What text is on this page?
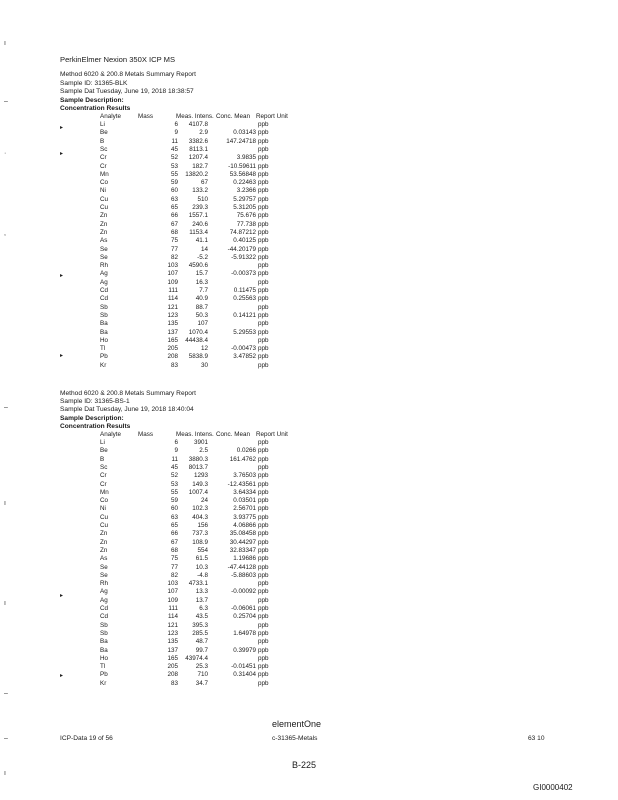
PerkinElmer Nexion 350X ICP MS
Method 6020 & 200.8 Metals Summary Report
Sample ID: 31365-BLK
Sample Dat Tuesday, June 19, 2018 18:38:57
Sample Description:
Concentration Results
Analyte	Mass	Meas. Intens. Conc. Mean Report Unit
Li	6	4107.8	ppb
Be	9	2.9	0.03143 ppb
B	11	3382.6	147.24718 ppb
Sc	45	8113.1	ppb
Cr	52	1207.4	3.9835 ppb
Cr	53	182.7	-10.59611 ppb
Mn	55	13820.2	53.56848 ppb
Co	59	67	0.22463 ppb
Ni	60	133.2	3.2366 ppb
Cu	63	510	5.29757 ppb
Cu	65	239.3	5.31205 ppb
Zn	66	1557.1	75.676 ppb
Zn	67	240.6	77.738 ppb
Zn	68	1153.4	74.87212 ppb
As	75	41.1	0.40125 ppb
Se	77	14	-44.20179 ppb
Se	82	-5.2	-5.91322 ppb
Rh	103	4590.6	ppb
Ag	107	15.7	-0.00373 ppb
Ag	109	16.3	ppb
Cd	111	7.7	0.11475 ppb
Cd	114	40.9	0.25563 ppb
Sb	121	88.7	ppb
Sb	123	50.3	0.14121 ppb
Ba	135	107	ppb
Ba	137	1070.4	5.29553 ppb
Ho	165	44438.4	ppb
Tl	205	12	-0.00473 ppb
Pb	208	5838.9	3.47852 ppb
Kr	83	30	ppb
Method 6020 & 200.8 Metals Summary Report
Sample ID: 31365-BS-1
Sample Dat Tuesday, June 19, 2018 18:40:04
Sample Description:
Concentration Results
Analyte	Mass	Meas. Intens. Conc. Mean Report Unit
Li	6	3901	ppb
Be	9	2.5	0.0266 ppb
B	11	3880.3	161.4762 ppb
Sc	45	8013.7	ppb
Cr	52	1293	3.76503 ppb
Cr	53	149.3	-12.43561 ppb
Mn	55	1007.4	3.64334 ppb
Co	59	24	0.03501 ppb
Ni	60	102.3	2.56701 ppb
Cu	63	404.3	3.93775 ppb
Cu	65	156	4.06866 ppb
Zn	66	737.3	35.08458 ppb
Zn	67	108.9	30.44297 ppb
Zn	68	554	32.83347 ppb
As	75	61.5	1.19686 ppb
Se	77	10.3	-47.44128 ppb
Se	82	-4.8	-5.88603 ppb
Rh	103	4733.1	ppb
Ag	107	13.3	-0.00092 ppb
Ag	109	13.7	ppb
Cd	111	6.3	-0.06061 ppb
Cd	114	43.5	0.25704 ppb
Sb	121	395.3	ppb
Sb	123	285.5	1.64978 ppb
Ba	135	48.7	ppb
Ba	137	99.7	0.39979 ppb
Ho	165	43974.4	ppb
Tl	205	25.3	-0.01451 ppb
Pb	208	710	0.31404 ppb
Kr	83	34.7	ppb
▸
▸
▸
▸
▸
▸
ı
–
·
,
–
ı
ı
–
–
ı
elementOne
ICP-Data 19 of 56	c-31365-Metals	63 10
B-225
GI0000402
